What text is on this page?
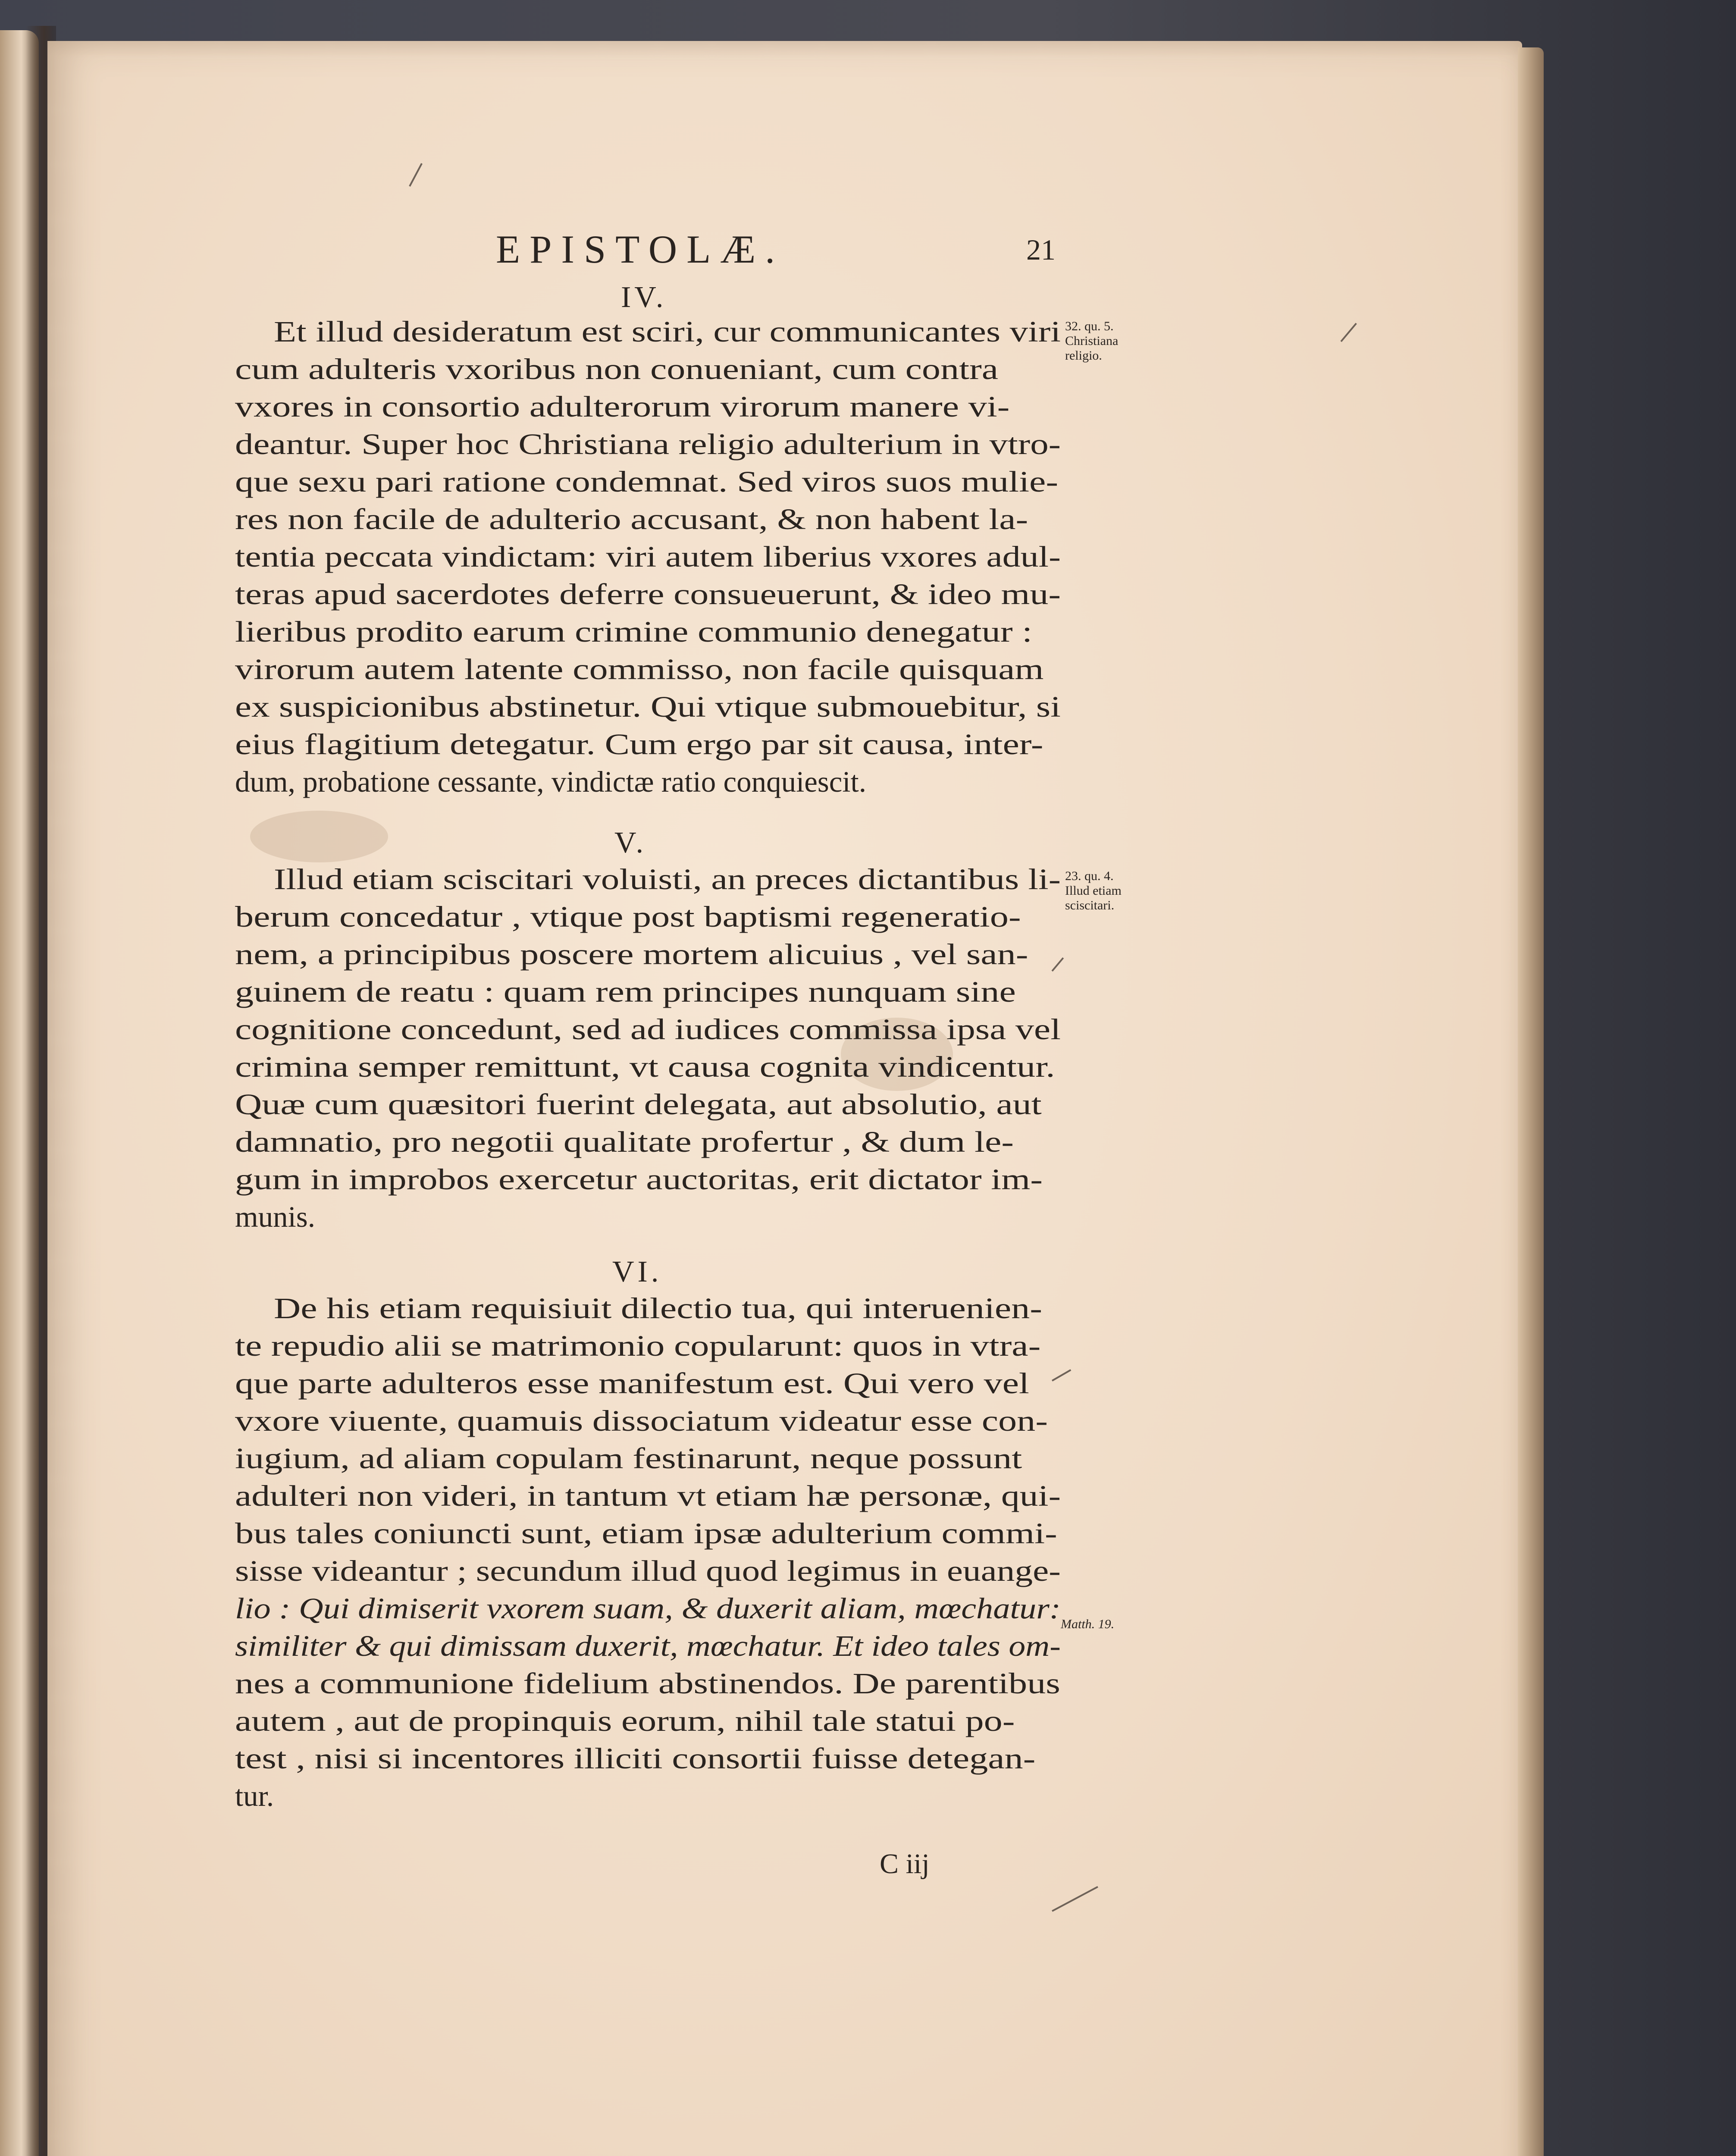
EPISTOLÆ.	21
IV.
V.
VI.
32. qu. 5.
Christiana
religio.
23. qu. 4.
Illud etiam
sciscitari.
Matth. 19.
C iij
Et illud desideratum est sciri, cur communicantes viri
cum adulteris vxoribus non conueniant, cum contra
vxores in consortio adulterorum virorum manere vi-
deantur. Super hoc Christiana religio adulterium in vtro-
que sexu pari ratione condemnat. Sed viros suos mulie-
res non facile de adulterio accusant, & non habent la-
tentia peccata vindictam: viri autem liberius vxores adul-
teras apud sacerdotes deferre consueuerunt, & ideo mu-
lieribus prodito earum crimine communio denegatur :
virorum autem latente commisso, non facile quisquam
ex suspicionibus abstinetur. Qui vtique submouebitur, si
eius flagitium detegatur. Cum ergo par sit causa, inter-
dum, probatione cessante, vindictæ ratio conquiescit.
Illud etiam sciscitari voluisti, an preces dictantibus li-
berum concedatur , vtique post baptismi regeneratio-
nem, a principibus poscere mortem alicuius , vel san-
guinem de reatu : quam rem principes nunquam sine
cognitione concedunt, sed ad iudices commissa ipsa vel
crimina semper remittunt, vt causa cognita vindicentur.
Quæ cum quæsitori fuerint delegata, aut absolutio, aut
damnatio, pro negotii qualitate profertur , & dum le-
gum in improbos exercetur auctoritas, erit dictator im-
munis.
De his etiam requisiuit dilectio tua, qui interuenien-
te repudio alii se matrimonio copularunt: quos in vtra-
que parte adulteros esse manifestum est. Qui vero vel
vxore viuente, quamuis dissociatum videatur esse con-
iugium, ad aliam copulam festinarunt, neque possunt
adulteri non videri, in tantum vt etiam hæ personæ, qui-
bus tales coniuncti sunt, etiam ipsæ adulterium commi-
sisse videantur ; secundum illud quod legimus in euange-
lio : Qui dimiserit vxorem suam, & duxerit aliam, mœchatur:
similiter & qui dimissam duxerit, mœchatur. Et ideo tales om-
nes a communione fidelium abstinendos. De parentibus
autem , aut de propinquis eorum, nihil tale statui po-
test , nisi si incentores illiciti consortii fuisse detegan-
tur.
